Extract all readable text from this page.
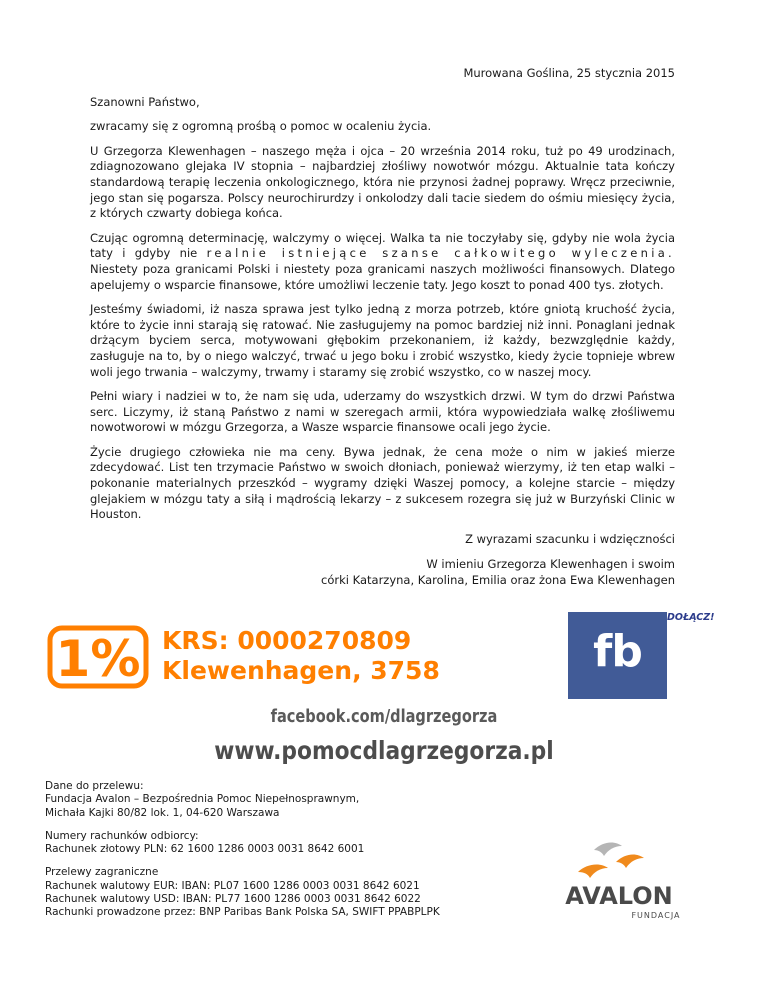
Murowana Goślina, 25 stycznia 2015

Szanowni Państwo,

zwracamy się z ogromną prośbą o pomoc w ocaleniu życia.

U Grzegorza Klewenhagen – naszego męża i ojca – 20 września 2014 roku, tuż po 49 urodzinach, zdiagnozowano glejaka IV stopnia – najbardziej złośliwy nowotwór mózgu. Aktualnie tata kończy standardową terapię leczenia onkologicznego, która nie przynosi żadnej poprawy. Wręcz przeciwnie, jego stan się pogarsza. Polscy neurochirurdzy i onkolodzy dali tacie siedem do ośmiu miesięcy życia, z których czwarty dobiega końca.

Czując ogromną determinację, walczymy o więcej. Walka ta nie toczyłaby się, gdyby nie wola życia taty i gdyby nie realnie istniejące szanse całkowitego wyleczenia. Niestety poza granicami Polski i niestety poza granicami naszych możliwości finansowych. Dlatego apelujemy o wsparcie finansowe, które umożliwi leczenie taty. Jego koszt to ponad 400 tys. złotych.

Jesteśmy świadomi, iż nasza sprawa jest tylko jedną z morza potrzeb, które gniotą kruchość życia, które to życie inni starają się ratować. Nie zasługujemy na pomoc bardziej niż inni. Ponaglani jednak drżącym byciem serca, motywowani głębokim przekonaniem, iż każdy, bezwzględnie każdy, zasługuje na to, by o niego walczyć, trwać u jego boku i zrobić wszystko, kiedy życie topnieje wbrew woli jego trwania – walczymy, trwamy i staramy się zrobić wszystko, co w naszej mocy.

Pełni wiary i nadziei w to, że nam się uda, uderzamy do wszystkich drzwi. W tym do drzwi Państwa serc. Liczymy, iż staną Państwo z nami w szeregach armii, która wypowiedziała walkę złośliwemu nowotworowi w mózgu Grzegorza, a Wasze wsparcie finansowe ocali jego życie.

Życie drugiego człowieka nie ma ceny. Bywa jednak, że cena może o nim w jakieś mierze zdecydować. List ten trzymacie Państwo w swoich dłoniach, ponieważ wierzymy, iż ten etap walki – pokonanie materialnych przeszkód – wygramy dzięki Waszej pomocy, a kolejne starcie – między glejakiem w mózgu taty a siłą i mądrością lekarzy – z sukcesem rozegra się już w Burzyński Clinic w Houston.

Z wyrazami szacunku i wdzięczności

W imieniu Grzegorza Klewenhagen i swoim
córki Katarzyna, Karolina, Emilia oraz żona Ewa Klewenhagen
1% KRS: 0000270809
Klewenhagen, 3758	fb
DOŁĄCZ!
facebook.com/dlagrzegorza
www.pomocdlagrzegorza.pl
Dane do przelewu:
Fundacja Avalon – Bezpośrednia Pomoc Niepełnosprawnym,
Michała Kajki 80/82 lok. 1, 04-620 Warszawa
Numery rachunków odbiorcy:
Rachunek złotowy PLN: 62 1600 1286 0003 0031 8642 6001
Przelewy zagraniczne
Rachunek walutowy EUR: IBAN: PL07 1600 1286 0003 0031 8642 6021
Rachunek walutowy USD: IBAN: PL77 1600 1286 0003 0031 8642 6022
Rachunki prowadzone przez: BNP Paribas Bank Polska SA, SWIFT PPABPLPK
AVALON
FUNDACJA
